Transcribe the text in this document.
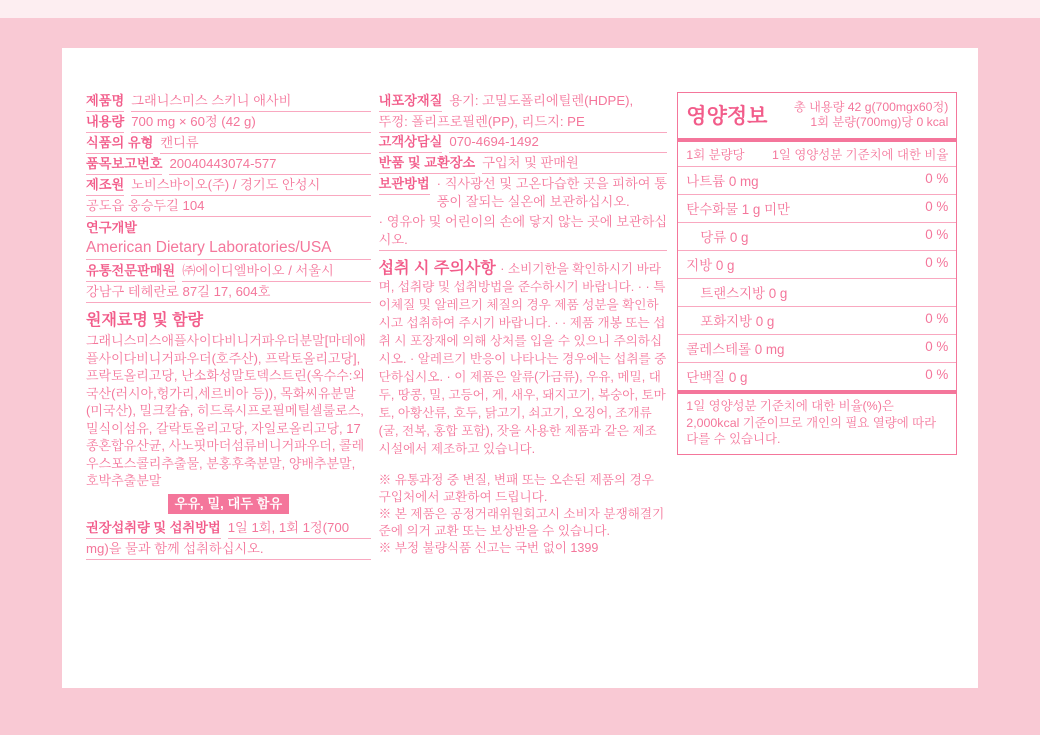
제품명 그래니스미스 스키니 애사비
내용량 700 mg × 60정 (42 g)
식품의 유형 캔디류
품목보고번호 20040443074-577
제조원 노비스바이오(주) / 경기도 안성시
공도읍 웅승두길 104
연구개발
American Dietary Laboratories/USA
유통전문판매원 ㈜에이디엘바이오 / 서울시
강남구 테헤란로 87길 17, 604호
원재료명 및 함량
그래니스미스애플사이다비니거파우더분말[마데애플사이다비니거파우더(호주산), 프락토올리고당], 프락토올리고당, 난소화성말토덱스트린(옥수수:외국산(러시아,헝가리,세르비아 등)), 목화씨유분말(미국산), 밀크칼슘, 히드록시프로필메틸셀룰로스, 밀식이섬유, 갈락토올리고당, 자일로올리고당, 17종혼합유산균, 사노핏마더섬류비니거파우더, 콜레우스포스콜리추출물, 분홍후축분말, 양배추분말, 호박추출분말
우유, 밀, 대두 함유
권장섭취량 및 섭취방법 1일 1회, 1회 1정(700
mg)을 물과 함께 섭취하십시오.
내포장재질 용기: 고밀도폴리에틸렌(HDPE),
뚜껑: 폴리프로필렌(PP), 리드지: PE
고객상담실 070-4694-1492
반품 및 교환장소 구입처 및 판매원
보관방법 · 직사광선 및 고온다습한 곳을 피하여 통풍이 잘되는 실온에 보관하십시오.
· 영유아 및 어린이의 손에 닿지 않는 곳에 보관하십시오.
섭취 시 주의사항 · 소비기한을 확인하시기 바라며, 섭취량 및 섭취방법을 준수하시기 바랍니다. · · 특이체질 및 알레르기 체질의 경우 제품 성분을 확인하시고 섭취하여 주시기 바랍니다. · · 제품 개봉 또는 섭취 시 포장재에 의해 상처를 입을 수 있으니 주의하십시오. · 알레르기 반응이 나타나는 경우에는 섭취를 중단하십시오. · 이 제품은 알류(가금류), 우유, 메밀, 대두, 땅콩, 밀, 고등어, 게, 새우, 돼지고기, 복숭아, 토마토, 아황산류, 호두, 닭고기, 쇠고기, 오징어, 조개류(굴, 전복, 홍합 포함), 잣을 사용한 제품과 같은 제조 시설에서 제조하고 있습니다.
※ 유통과정 중 변질, 변패 또는 오손된 제품의 경우 구입처에서 교환하여 드립니다.
※ 본 제품은 공정거래위원회고시 소비자 분쟁해결기준에 의거 교환 또는 보상받을 수 있습니다.
※ 부정 불량식품 신고는 국번 없이 1399
영양정보	총 내용량 42 g(700mgx60정)
1회 분량(700mg)당 0 kcal
1회 분량당 1일 영양성분 기준치에 대한 비율
나트륨 0 mg	0 %
탄수화물 1 g 미만	0 %
당류 0 g	0 %
지방 0 g	0 %
트랜스지방 0 g
포화지방 0 g	0 %
콜레스테롤 0 mg	0 %
단백질 0 g	0 %
1일 영양성분 기준치에 대한 비율(%)은 2,000kcal 기준이므로 개인의 필요 열량에 따라 다를 수 있습니다.
